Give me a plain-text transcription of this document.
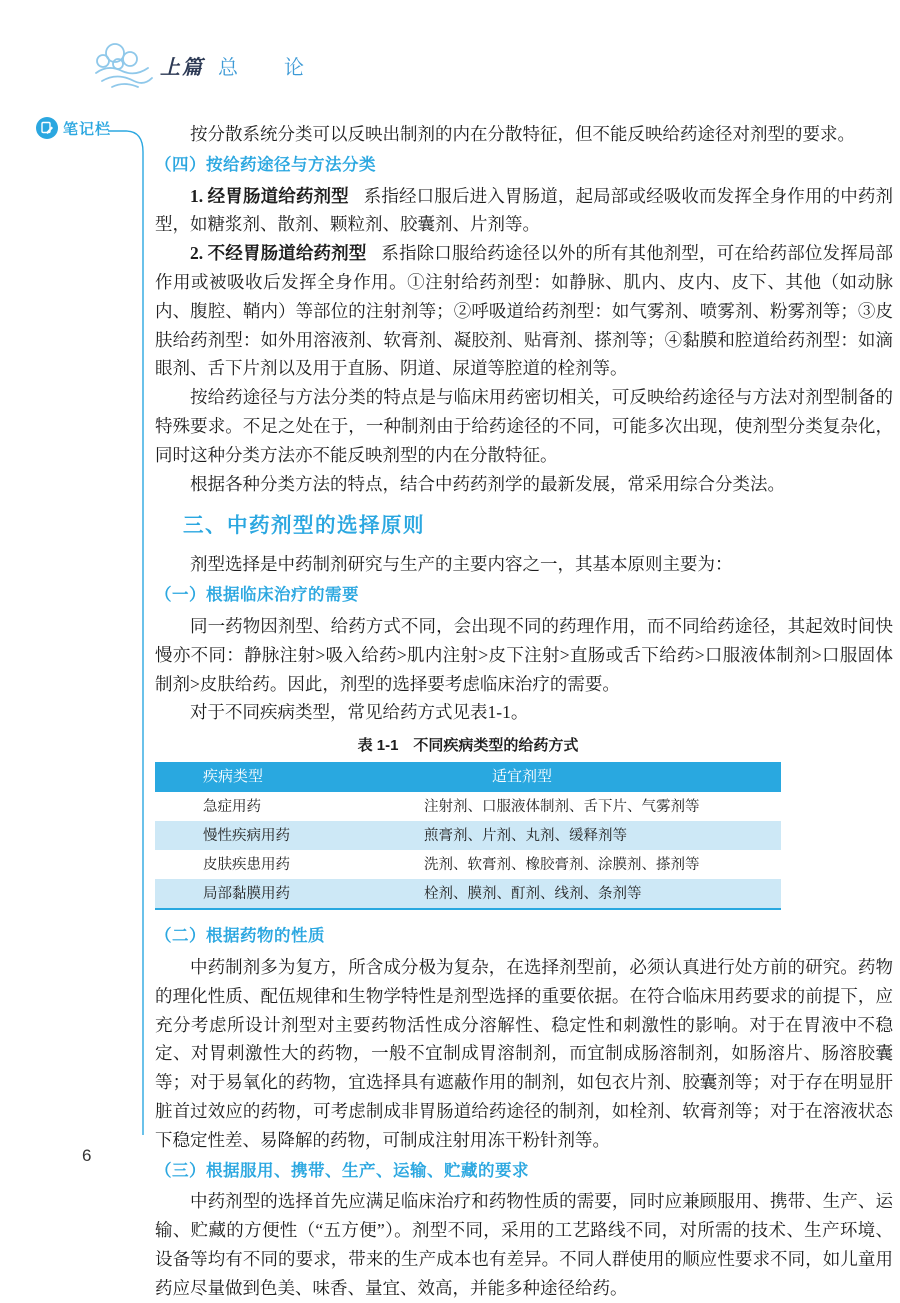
上篇 总　　论
笔记栏	按分散系统分类可以反映出制剂的内在分散特征，但不能反映给药途径对剂型的要求。

（四）按给药途径与方法分类

1. 经胃肠道给药剂型 系指经口服后进入胃肠道，起局部或经吸收而发挥全身作用的中药剂型，如糖浆剂、散剂、颗粒剂、胶囊剂、片剂等。

2. 不经胃肠道给药剂型 系指除口服给药途径以外的所有其他剂型，可在给药部位发挥局部作用或被吸收后发挥全身作用。①注射给药剂型：如静脉、肌内、皮内、皮下、其他（如动脉内、腹腔、鞘内）等部位的注射剂等；②呼吸道给药剂型：如气雾剂、喷雾剂、粉雾剂等；③皮肤给药剂型：如外用溶液剂、软膏剂、凝胶剂、贴膏剂、搽剂等；④黏膜和腔道给药剂型：如滴眼剂、舌下片剂以及用于直肠、阴道、尿道等腔道的栓剂等。

按给药途径与方法分类的特点是与临床用药密切相关，可反映给药途径与方法对剂型制备的特殊要求。不足之处在于，一种制剂由于给药途径的不同，可能多次出现，使剂型分类复杂化，同时这种分类方法亦不能反映剂型的内在分散特征。

根据各种分类方法的特点，结合中药药剂学的最新发展，常采用综合分类法。

三、中药剂型的选择原则

剂型选择是中药制剂研究与生产的主要内容之一，其基本原则主要为：

（一）根据临床治疗的需要

同一药物因剂型、给药方式不同，会出现不同的药理作用，而不同给药途径，其起效时间快慢亦不同：静脉注射>吸入给药>肌内注射>皮下注射>直肠或舌下给药>口服液体制剂>口服固体制剂>皮肤给药。因此，剂型的选择要考虑临床治疗的需要。

对于不同疾病类型，常见给药方式见表1-1。

表 1-1　不同疾病类型的给药方式
疾病类型	适宜剂型
急症用药	注射剂、口服液体制剂、舌下片、气雾剂等
慢性疾病用药	煎膏剂、片剂、丸剂、缓释剂等
皮肤疾患用药	洗剂、软膏剂、橡胶膏剂、涂膜剂、搽剂等
局部黏膜用药	栓剂、膜剂、酊剂、线剂、条剂等
（二）根据药物的性质

中药制剂多为复方，所含成分极为复杂，在选择剂型前，必须认真进行处方前的研究。药物的理化性质、配伍规律和生物学特性是剂型选择的重要依据。在符合临床用药要求的前提下，应充分考虑所设计剂型对主要药物活性成分溶解性、稳定性和刺激性的影响。对于在胃液中不稳定、对胃刺激性大的药物，一般不宜制成胃溶制剂，而宜制成肠溶制剂，如肠溶片、肠溶胶囊等；对于易氧化的药物，宜选择具有遮蔽作用的制剂，如包衣片剂、胶囊剂等；对于存在明显肝脏首过效应的药物，可考虑制成非胃肠道给药途径的制剂，如栓剂、软膏剂等；对于在溶液状态下稳定性差、易降解的药物，可制成注射用冻干粉针剂等。

（三）根据服用、携带、生产、运输、贮藏的要求

中药剂型的选择首先应满足临床治疗和药物性质的需要，同时应兼顾服用、携带、生产、运输、贮藏的方便性（“五方便”）。剂型不同，采用的工艺路线不同，对所需的技术、生产环境、设备等均有不同的要求，带来的生产成本也有差异。不同人群使用的顺应性要求不同，如儿童用药应尽量做到色美、味香、量宜、效高，并能多种途径给药。

6
